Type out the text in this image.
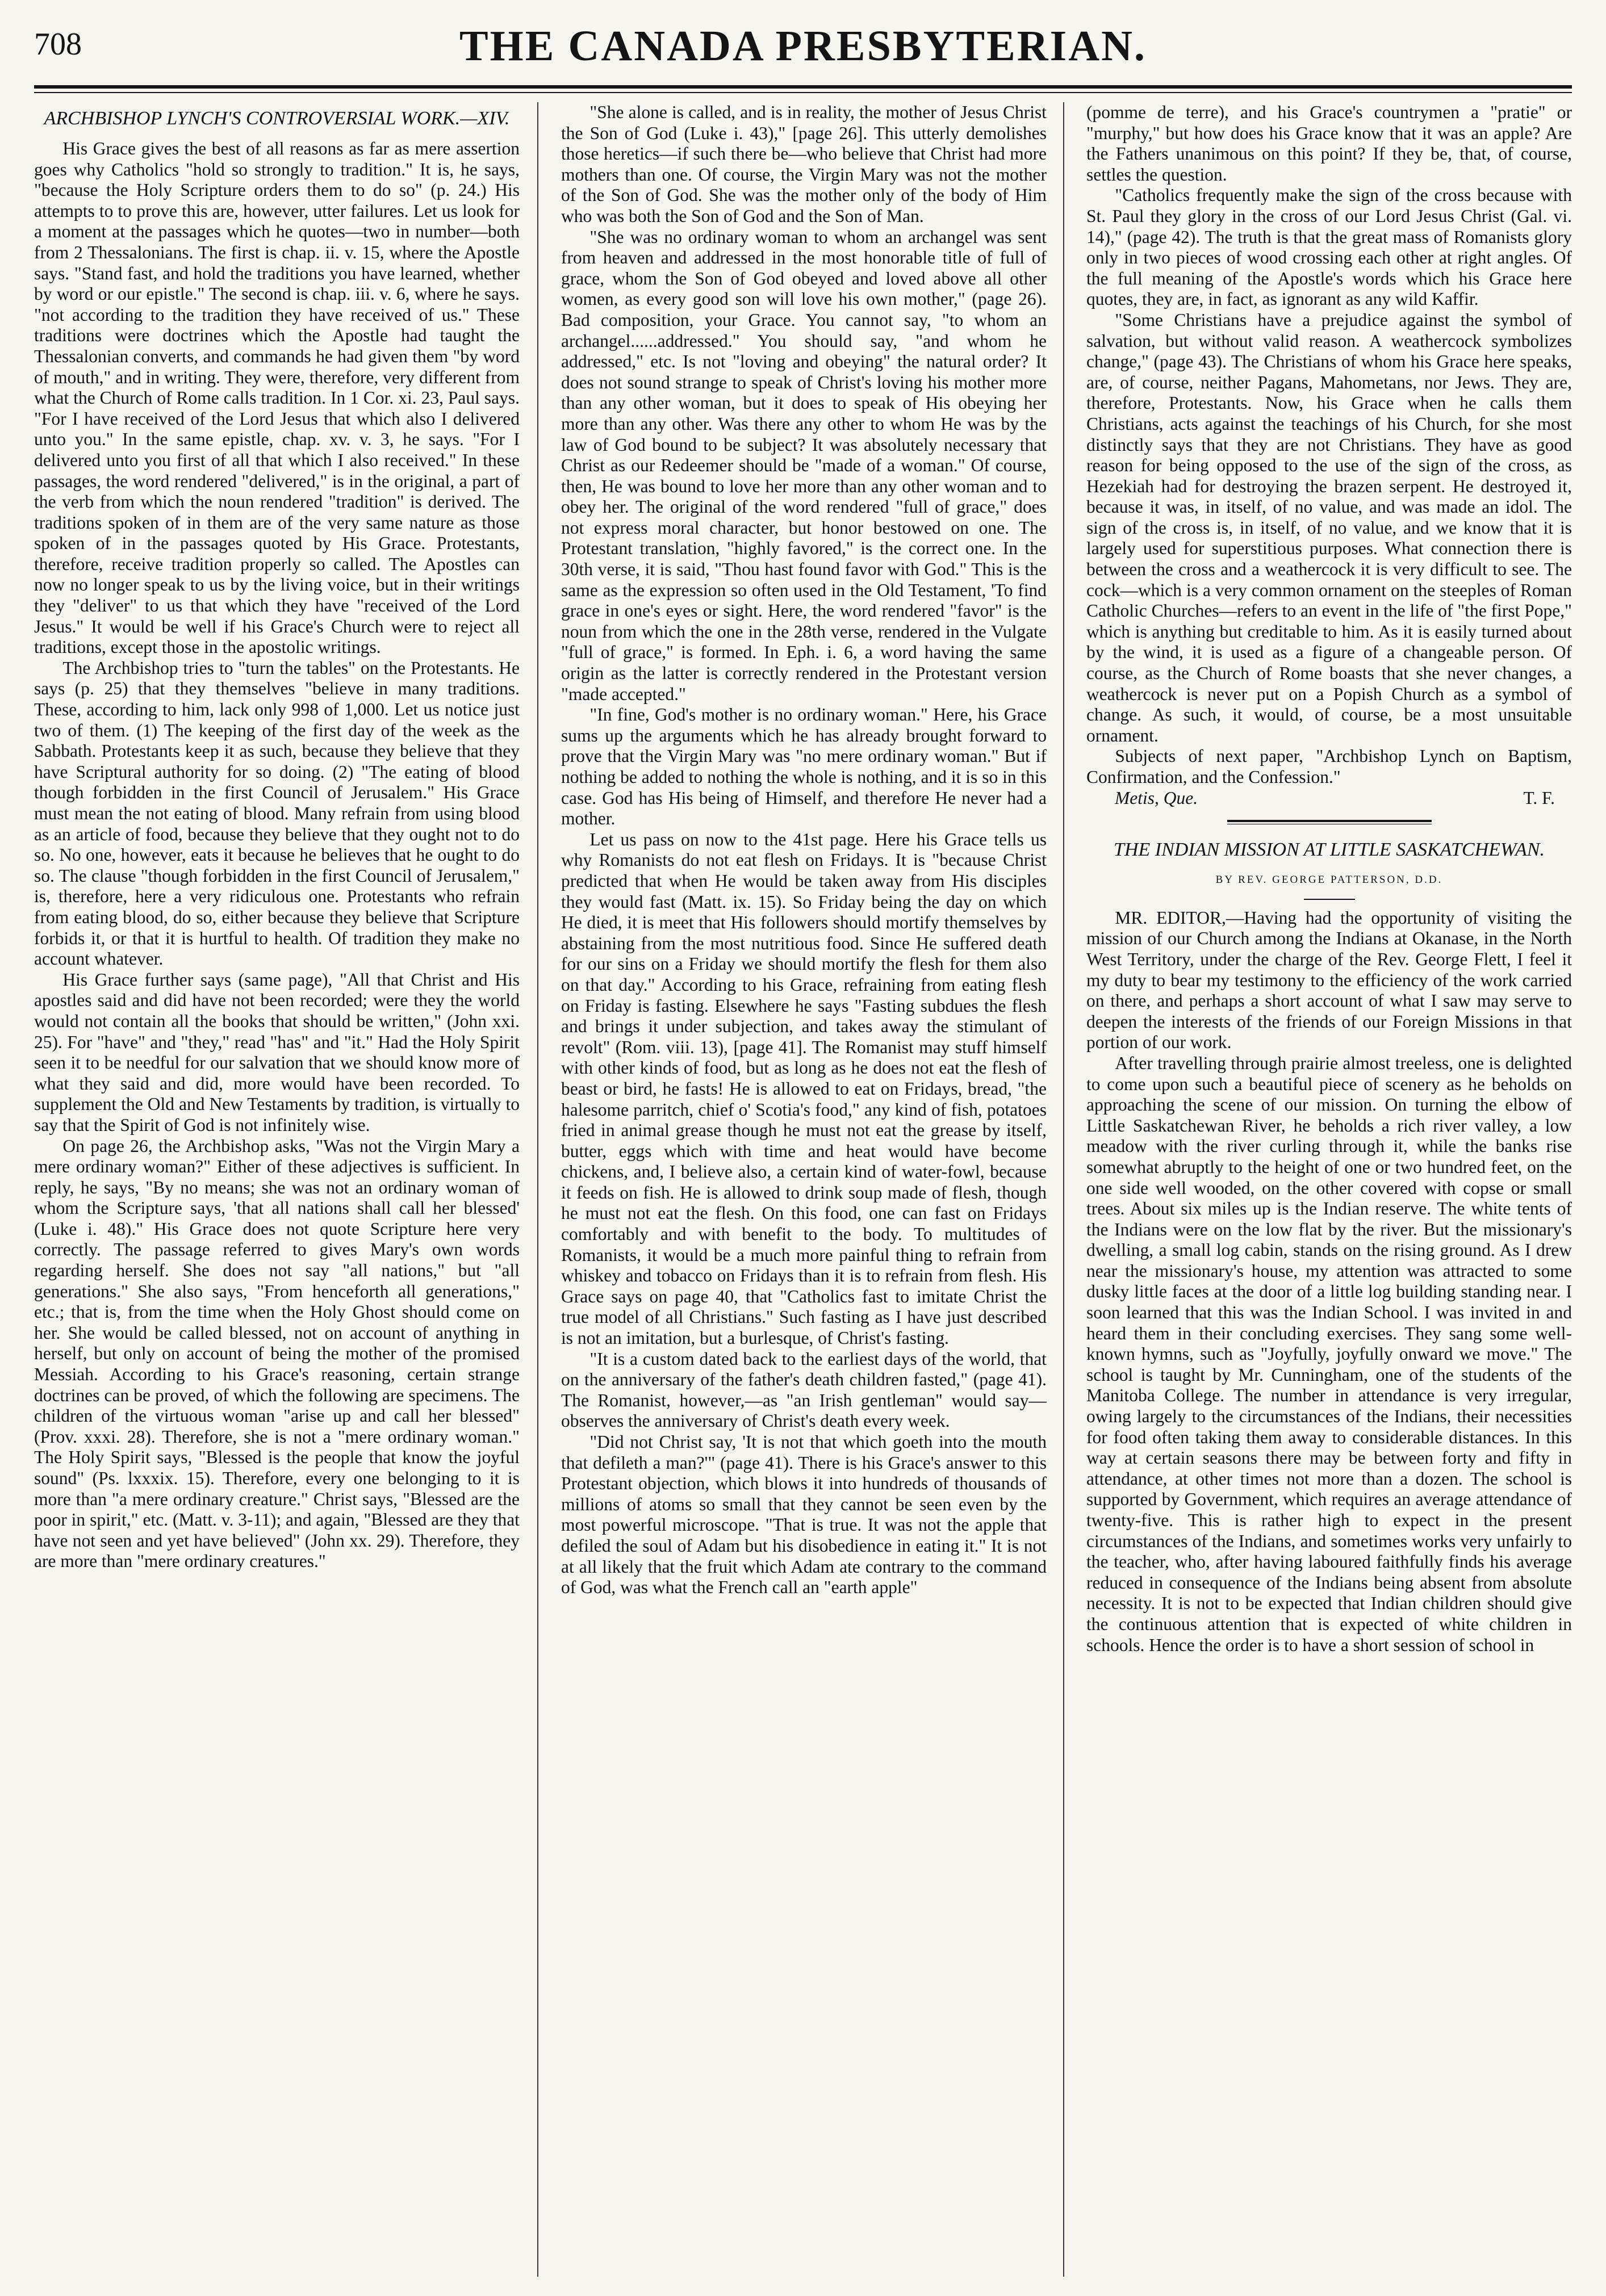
708	THE CANADA PRESBYTERIAN.
ARCHBISHOP LYNCH'S CONTROVERSIAL WORK.—XIV.

His Grace gives the best of all reasons as far as mere assertion goes why Catholics "hold so strongly to tradition." It is, he says, "because the Holy Scripture orders them to do so" (p. 24.) His attempts to to prove this are, however, utter failures. Let us look for a moment at the passages which he quotes—two in number—both from 2 Thessalonians. The first is chap. ii. v. 15, where the Apostle says. "Stand fast, and hold the traditions you have learned, whether by word or our epistle." The second is chap. iii. v. 6, where he says. "not according to the tradition they have received of us." These traditions were doctrines which the Apostle had taught the Thessalonian converts, and commands he had given them "by word of mouth," and in writing. They were, therefore, very different from what the Church of Rome calls tradition. In 1 Cor. xi. 23, Paul says. "For I have received of the Lord Jesus that which also I delivered unto you." In the same epistle, chap. xv. v. 3, he says. "For I delivered unto you first of all that which I also received." In these passages, the word rendered "delivered," is in the original, a part of the verb from which the noun rendered "tradition" is derived. The traditions spoken of in them are of the very same nature as those spoken of in the passages quoted by His Grace. Protestants, therefore, receive tradition properly so called. The Apostles can now no longer speak to us by the living voice, but in their writings they "deliver" to us that which they have "received of the Lord Jesus." It would be well if his Grace's Church were to reject all traditions, except those in the apostolic writings.

The Archbishop tries to "turn the tables" on the Protestants. He says (p. 25) that they themselves "believe in many traditions. These, according to him, lack only 998 of 1,000. Let us notice just two of them. (1) The keeping of the first day of the week as the Sabbath. Protestants keep it as such, because they believe that they have Scriptural authority for so doing. (2) "The eating of blood though forbidden in the first Council of Jerusalem." His Grace must mean the not eating of blood. Many refrain from using blood as an article of food, because they believe that they ought not to do so. No one, however, eats it because he believes that he ought to do so. The clause "though forbidden in the first Council of Jerusalem," is, therefore, here a very ridiculous one. Protestants who refrain from eating blood, do so, either because they believe that Scripture forbids it, or that it is hurtful to health. Of tradition they make no account whatever.

His Grace further says (same page), "All that Christ and His apostles said and did have not been recorded; were they the world would not contain all the books that should be written," (John xxi. 25). For "have" and "they," read "has" and "it." Had the Holy Spirit seen it to be needful for our salvation that we should know more of what they said and did, more would have been recorded. To supplement the Old and New Testaments by tradition, is virtually to say that the Spirit of God is not infinitely wise.

On page 26, the Archbishop asks, "Was not the Virgin Mary a mere ordinary woman?" Either of these adjectives is sufficient. In reply, he says, "By no means; she was not an ordinary woman of whom the Scripture says, 'that all nations shall call her blessed' (Luke i. 48)." His Grace does not quote Scripture here very correctly. The passage referred to gives Mary's own words regarding herself. She does not say "all nations," but "all generations." She also says, "From henceforth all generations," etc.; that is, from the time when the Holy Ghost should come on her. She would be called blessed, not on account of anything in herself, but only on account of being the mother of the promised Messiah. According to his Grace's reasoning, certain strange doctrines can be proved, of which the following are specimens. The children of the virtuous woman "arise up and call her blessed" (Prov. xxxi. 28). Therefore, she is not a "mere ordinary woman." The Holy Spirit says, "Blessed is the people that know the joyful sound" (Ps. lxxxix. 15). Therefore, every one belonging to it is more than "a mere ordinary creature." Christ says, "Blessed are the poor in spirit," etc. (Matt. v. 3-11); and again, "Blessed are they that have not seen and yet have believed" (John xx. 29). Therefore, they are more than "mere ordinary creatures."

"She alone is called, and is in reality, the mother of Jesus Christ the Son of God (Luke i. 43)," [page 26]. This utterly demolishes those heretics—if such there be—who believe that Christ had more mothers than one. Of course, the Virgin Mary was not the mother of the Son of God. She was the mother only of the body of Him who was both the Son of God and the Son of Man.

"She was no ordinary woman to whom an archangel was sent from heaven and addressed in the most honorable title of full of grace, whom the Son of God obeyed and loved above all other women, as every good son will love his own mother," (page 26). Bad composition, your Grace. You cannot say, "to whom an archangel......addressed." You should say, "and whom he addressed," etc. Is not "loving and obeying" the natural order? It does not sound strange to speak of Christ's loving his mother more than any other woman, but it does to speak of His obeying her more than any other. Was there any other to whom He was by the law of God bound to be subject? It was absolutely necessary that Christ as our Redeemer should be "made of a woman." Of course, then, He was bound to love her more than any other woman and to obey her. The original of the word rendered "full of grace," does not express moral character, but honor bestowed on one. The Protestant translation, "highly favored," is the correct one. In the 30th verse, it is said, "Thou hast found favor with God." This is the same as the expression so often used in the Old Testament, 'To find grace in one's eyes or sight. Here, the word rendered "favor" is the noun from which the one in the 28th verse, rendered in the Vulgate "full of grace," is formed. In Eph. i. 6, a word having the same origin as the latter is correctly rendered in the Protestant version "made accepted."

"In fine, God's mother is no ordinary woman." Here, his Grace sums up the arguments which he has already brought forward to prove that the Virgin Mary was "no mere ordinary woman." But if nothing be added to nothing the whole is nothing, and it is so in this case. God has His being of Himself, and therefore He never had a mother.

Let us pass on now to the 41st page. Here his Grace tells us why Romanists do not eat flesh on Fridays. It is "because Christ predicted that when He would be taken away from His disciples they would fast (Matt. ix. 15). So Friday being the day on which He died, it is meet that His followers should mortify themselves by abstaining from the most nutritious food. Since He suffered death for our sins on a Friday we should mortify the flesh for them also on that day." According to his Grace, refraining from eating flesh on Friday is fasting. Elsewhere he says "Fasting subdues the flesh and brings it under subjection, and takes away the stimulant of revolt" (Rom. viii. 13), [page 41]. The Romanist may stuff himself with other kinds of food, but as long as he does not eat the flesh of beast or bird, he fasts! He is allowed to eat on Fridays, bread, "the halesome parritch, chief o' Scotia's food," any kind of fish, potatoes fried in animal grease though he must not eat the grease by itself, butter, eggs which with time and heat would have become chickens, and, I believe also, a certain kind of water-fowl, because it feeds on fish. He is allowed to drink soup made of flesh, though he must not eat the flesh. On this food, one can fast on Fridays comfortably and with benefit to the body. To multitudes of Romanists, it would be a much more painful thing to refrain from whiskey and tobacco on Fridays than it is to refrain from flesh. His Grace says on page 40, that "Catholics fast to imitate Christ the true model of all Christians." Such fasting as I have just described is not an imitation, but a burlesque, of Christ's fasting.

"It is a custom dated back to the earliest days of the world, that on the anniversary of the father's death children fasted," (page 41). The Romanist, however,—as "an Irish gentleman" would say—observes the anniversary of Christ's death every week.

"Did not Christ say, 'It is not that which goeth into the mouth that defileth a man?'" (page 41). There is his Grace's answer to this Protestant objection, which blows it into hundreds of thousands of millions of atoms so small that they cannot be seen even by the most powerful microscope. "That is true. It was not the apple that defiled the soul of Adam but his disobedience in eating it." It is not at all likely that the fruit which Adam ate contrary to the command of God, was what the French call an "earth apple"

(pomme de terre), and his Grace's countrymen a "pratie" or "murphy," but how does his Grace know that it was an apple? Are the Fathers unanimous on this point? If they be, that, of course, settles the question.

"Catholics frequently make the sign of the cross because with St. Paul they glory in the cross of our Lord Jesus Christ (Gal. vi. 14)," (page 42). The truth is that the great mass of Romanists glory only in two pieces of wood crossing each other at right angles. Of the full meaning of the Apostle's words which his Grace here quotes, they are, in fact, as ignorant as any wild Kaffir.

"Some Christians have a prejudice against the symbol of salvation, but without valid reason. A weathercock symbolizes change," (page 43). The Christians of whom his Grace here speaks, are, of course, neither Pagans, Mahometans, nor Jews. They are, therefore, Protestants. Now, his Grace when he calls them Christians, acts against the teachings of his Church, for she most distinctly says that they are not Christians. They have as good reason for being opposed to the use of the sign of the cross, as Hezekiah had for destroying the brazen serpent. He destroyed it, because it was, in itself, of no value, and was made an idol. The sign of the cross is, in itself, of no value, and we know that it is largely used for superstitious purposes. What connection there is between the cross and a weathercock it is very difficult to see. The cock—which is a very common ornament on the steeples of Roman Catholic Churches—refers to an event in the life of "the first Pope," which is anything but creditable to him. As it is easily turned about by the wind, it is used as a figure of a changeable person. Of course, as the Church of Rome boasts that she never changes, a weathercock is never put on a Popish Church as a symbol of change. As such, it would, of course, be a most unsuitable ornament.

Subjects of next paper, "Archbishop Lynch on Baptism, Confirmation, and the Confession."

Metis, Que.	T. F.
THE INDIAN MISSION AT LITTLE SASKATCHEWAN.
BY REV. GEORGE PATTERSON, D.D.

MR. EDITOR,—Having had the opportunity of visiting the mission of our Church among the Indians at Okanase, in the North West Territory, under the charge of the Rev. George Flett, I feel it my duty to bear my testimony to the efficiency of the work carried on there, and perhaps a short account of what I saw may serve to deepen the interests of the friends of our Foreign Missions in that portion of our work.

After travelling through prairie almost treeless, one is delighted to come upon such a beautiful piece of scenery as he beholds on approaching the scene of our mission. On turning the elbow of Little Saskatchewan River, he beholds a rich river valley, a low meadow with the river curling through it, while the banks rise somewhat abruptly to the height of one or two hundred feet, on the one side well wooded, on the other covered with copse or small trees. About six miles up is the Indian reserve. The white tents of the Indians were on the low flat by the river. But the missionary's dwelling, a small log cabin, stands on the rising ground. As I drew near the missionary's house, my attention was attracted to some dusky little faces at the door of a little log building standing near. I soon learned that this was the Indian School. I was invited in and heard them in their concluding exercises. They sang some well-known hymns, such as "Joyfully, joyfully onward we move." The school is taught by Mr. Cunningham, one of the students of the Manitoba College. The number in attendance is very irregular, owing largely to the circumstances of the Indians, their necessities for food often taking them away to considerable distances. In this way at certain seasons there may be between forty and fifty in attendance, at other times not more than a dozen. The school is supported by Government, which requires an average attendance of twenty-five. This is rather high to expect in the present circumstances of the Indians, and sometimes works very unfairly to the teacher, who, after having laboured faithfully finds his average reduced in consequence of the Indians being absent from absolute necessity. It is not to be expected that Indian children should give the continuous attention that is expected of white children in schools. Hence the order is to have a short session of school in
